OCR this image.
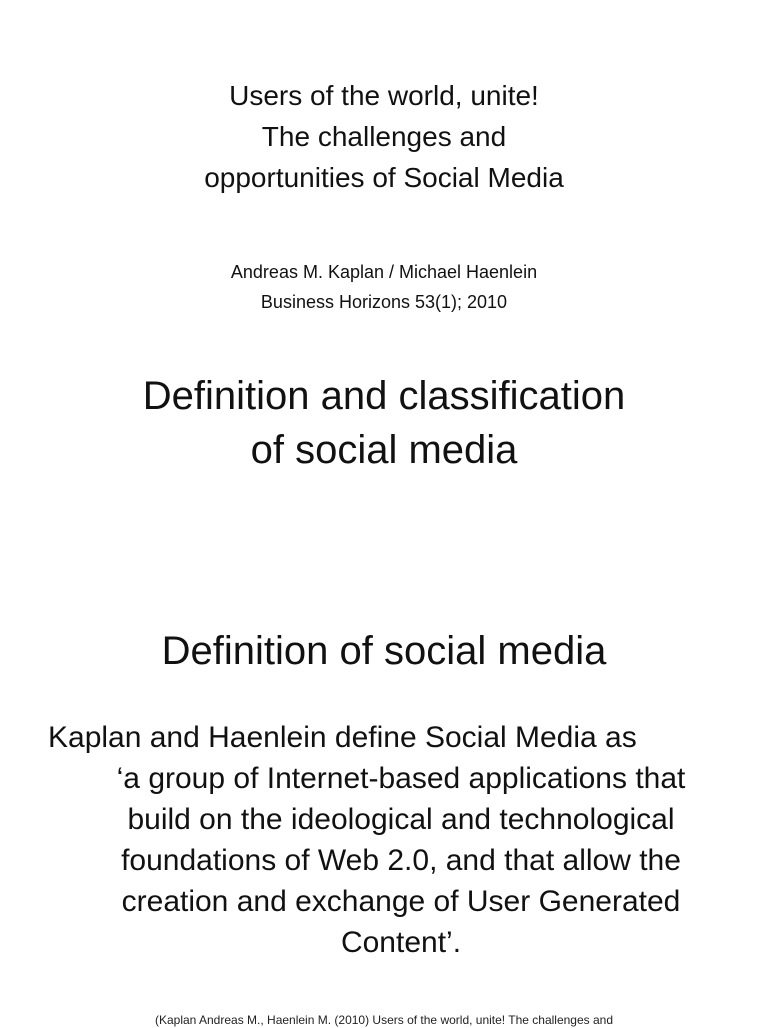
Users of the world, unite!
The challenges and
opportunities of Social Media
Andreas M. Kaplan / Michael Haenlein
Business Horizons 53(1); 2010
Definition and classification
of social media
Definition of social media
Kaplan and Haenlein define Social Media as
‘a group of Internet-based applications that
build on the ideological and technological
foundations of Web 2.0, and that allow the
creation and exchange of User Generated
Content’.
(Kaplan Andreas M., Haenlein M. (2010) Users of the world, unite! The challenges and
